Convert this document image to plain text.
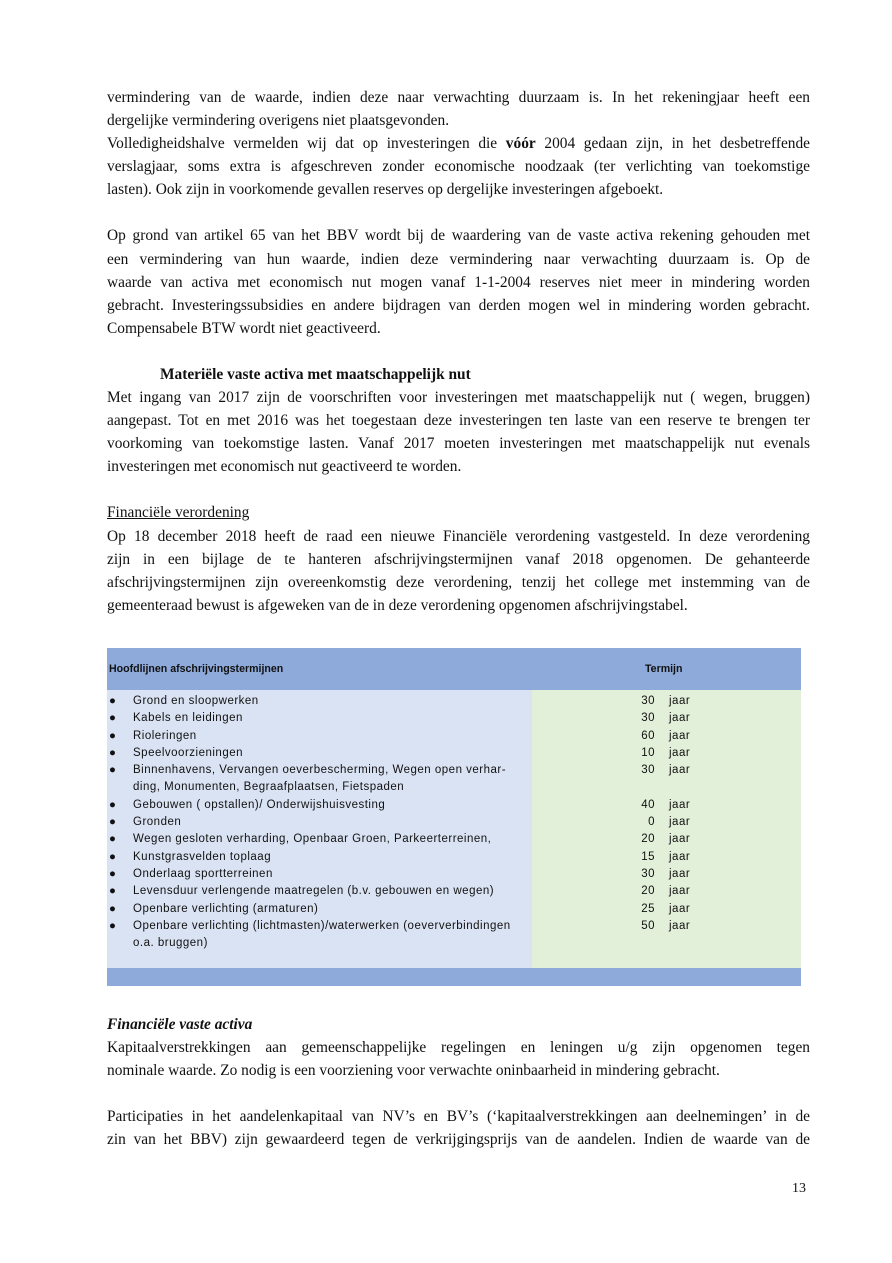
vermindering van de waarde, indien deze naar verwachting duurzaam is. In het rekeningjaar heeft een

dergelijke vermindering overigens niet plaatsgevonden.

Volledigheidshalve vermelden wij dat op investeringen die vóór 2004 gedaan zijn, in het desbetreffende

verslagjaar, soms extra is afgeschreven zonder economische noodzaak (ter verlichting van toekomstige

lasten). Ook zijn in voorkomende gevallen reserves op dergelijke investeringen afgeboekt.

Op grond van artikel 65 van het BBV wordt bij de waardering van de vaste activa rekening gehouden met

een vermindering van hun waarde, indien deze vermindering naar verwachting duurzaam is. Op de

waarde van activa met economisch nut mogen vanaf 1-1-2004 reserves niet meer in mindering worden

gebracht. Investeringssubsidies en andere bijdragen van derden mogen wel in mindering worden gebracht.

Compensabele BTW wordt niet geactiveerd.

Materiële vaste activa met maatschappelijk nut

Met ingang van 2017 zijn de voorschriften voor investeringen met maatschappelijk nut ( wegen, bruggen)

aangepast. Tot en met 2016 was het toegestaan deze investeringen ten laste van een reserve te brengen ter

voorkoming van toekomstige lasten. Vanaf 2017 moeten investeringen met maatschappelijk nut evenals

investeringen met economisch nut geactiveerd te worden.

Financiële verordening

Op 18 december 2018 heeft de raad een nieuwe Financiële verordening vastgesteld. In deze verordening

zijn in een bijlage de te hanteren afschrijvingstermijnen vanaf 2018 opgenomen. De gehanteerde

afschrijvingstermijnen zijn overeenkomstig deze verordening, tenzij het college met instemming van de

gemeenteraad bewust is afgeweken van de in deze verordening opgenomen afschrijvingstabel.

Hoofdlijnen afschrijvingstermijnen	Termijn
● Grond en sloopwerken	30 jaar
● Kabels en leidingen	30 jaar
● Rioleringen	60 jaar
● Speelvoorzieningen	10 jaar
● Binnenhavens, Vervangen oeverbescherming, Wegen open verhar-
ding, Monumenten, Begraafplaatsen, Fietspaden
30 jaar
● Gebouwen ( opstallen)/ Onderwijshuisvesting	40 jaar
● Gronden	0 jaar
● Wegen gesloten verharding, Openbaar Groen, Parkeerterreinen,	20 jaar
● Kunstgrasvelden toplaag	15 jaar
● Onderlaag sportterreinen	30 jaar
● Levensduur verlengende maatregelen (b.v. gebouwen en wegen)	20 jaar
● Openbare verlichting (armaturen)	25 jaar
● Openbare verlichting (lichtmasten)/waterwerken (oeververbindingen
o.a. bruggen)
50 jaar

Financiële vaste activa

Kapitaalverstrekkingen aan gemeenschappelijke regelingen en leningen u/g zijn opgenomen tegen

nominale waarde. Zo nodig is een voorziening voor verwachte oninbaarheid in mindering gebracht.

Participaties in het aandelenkapitaal van NV’s en BV’s (‘kapitaalverstrekkingen aan deelnemingen’ in de

zin van het BBV) zijn gewaardeerd tegen de verkrijgingsprijs van de aandelen. Indien de waarde van de

13
